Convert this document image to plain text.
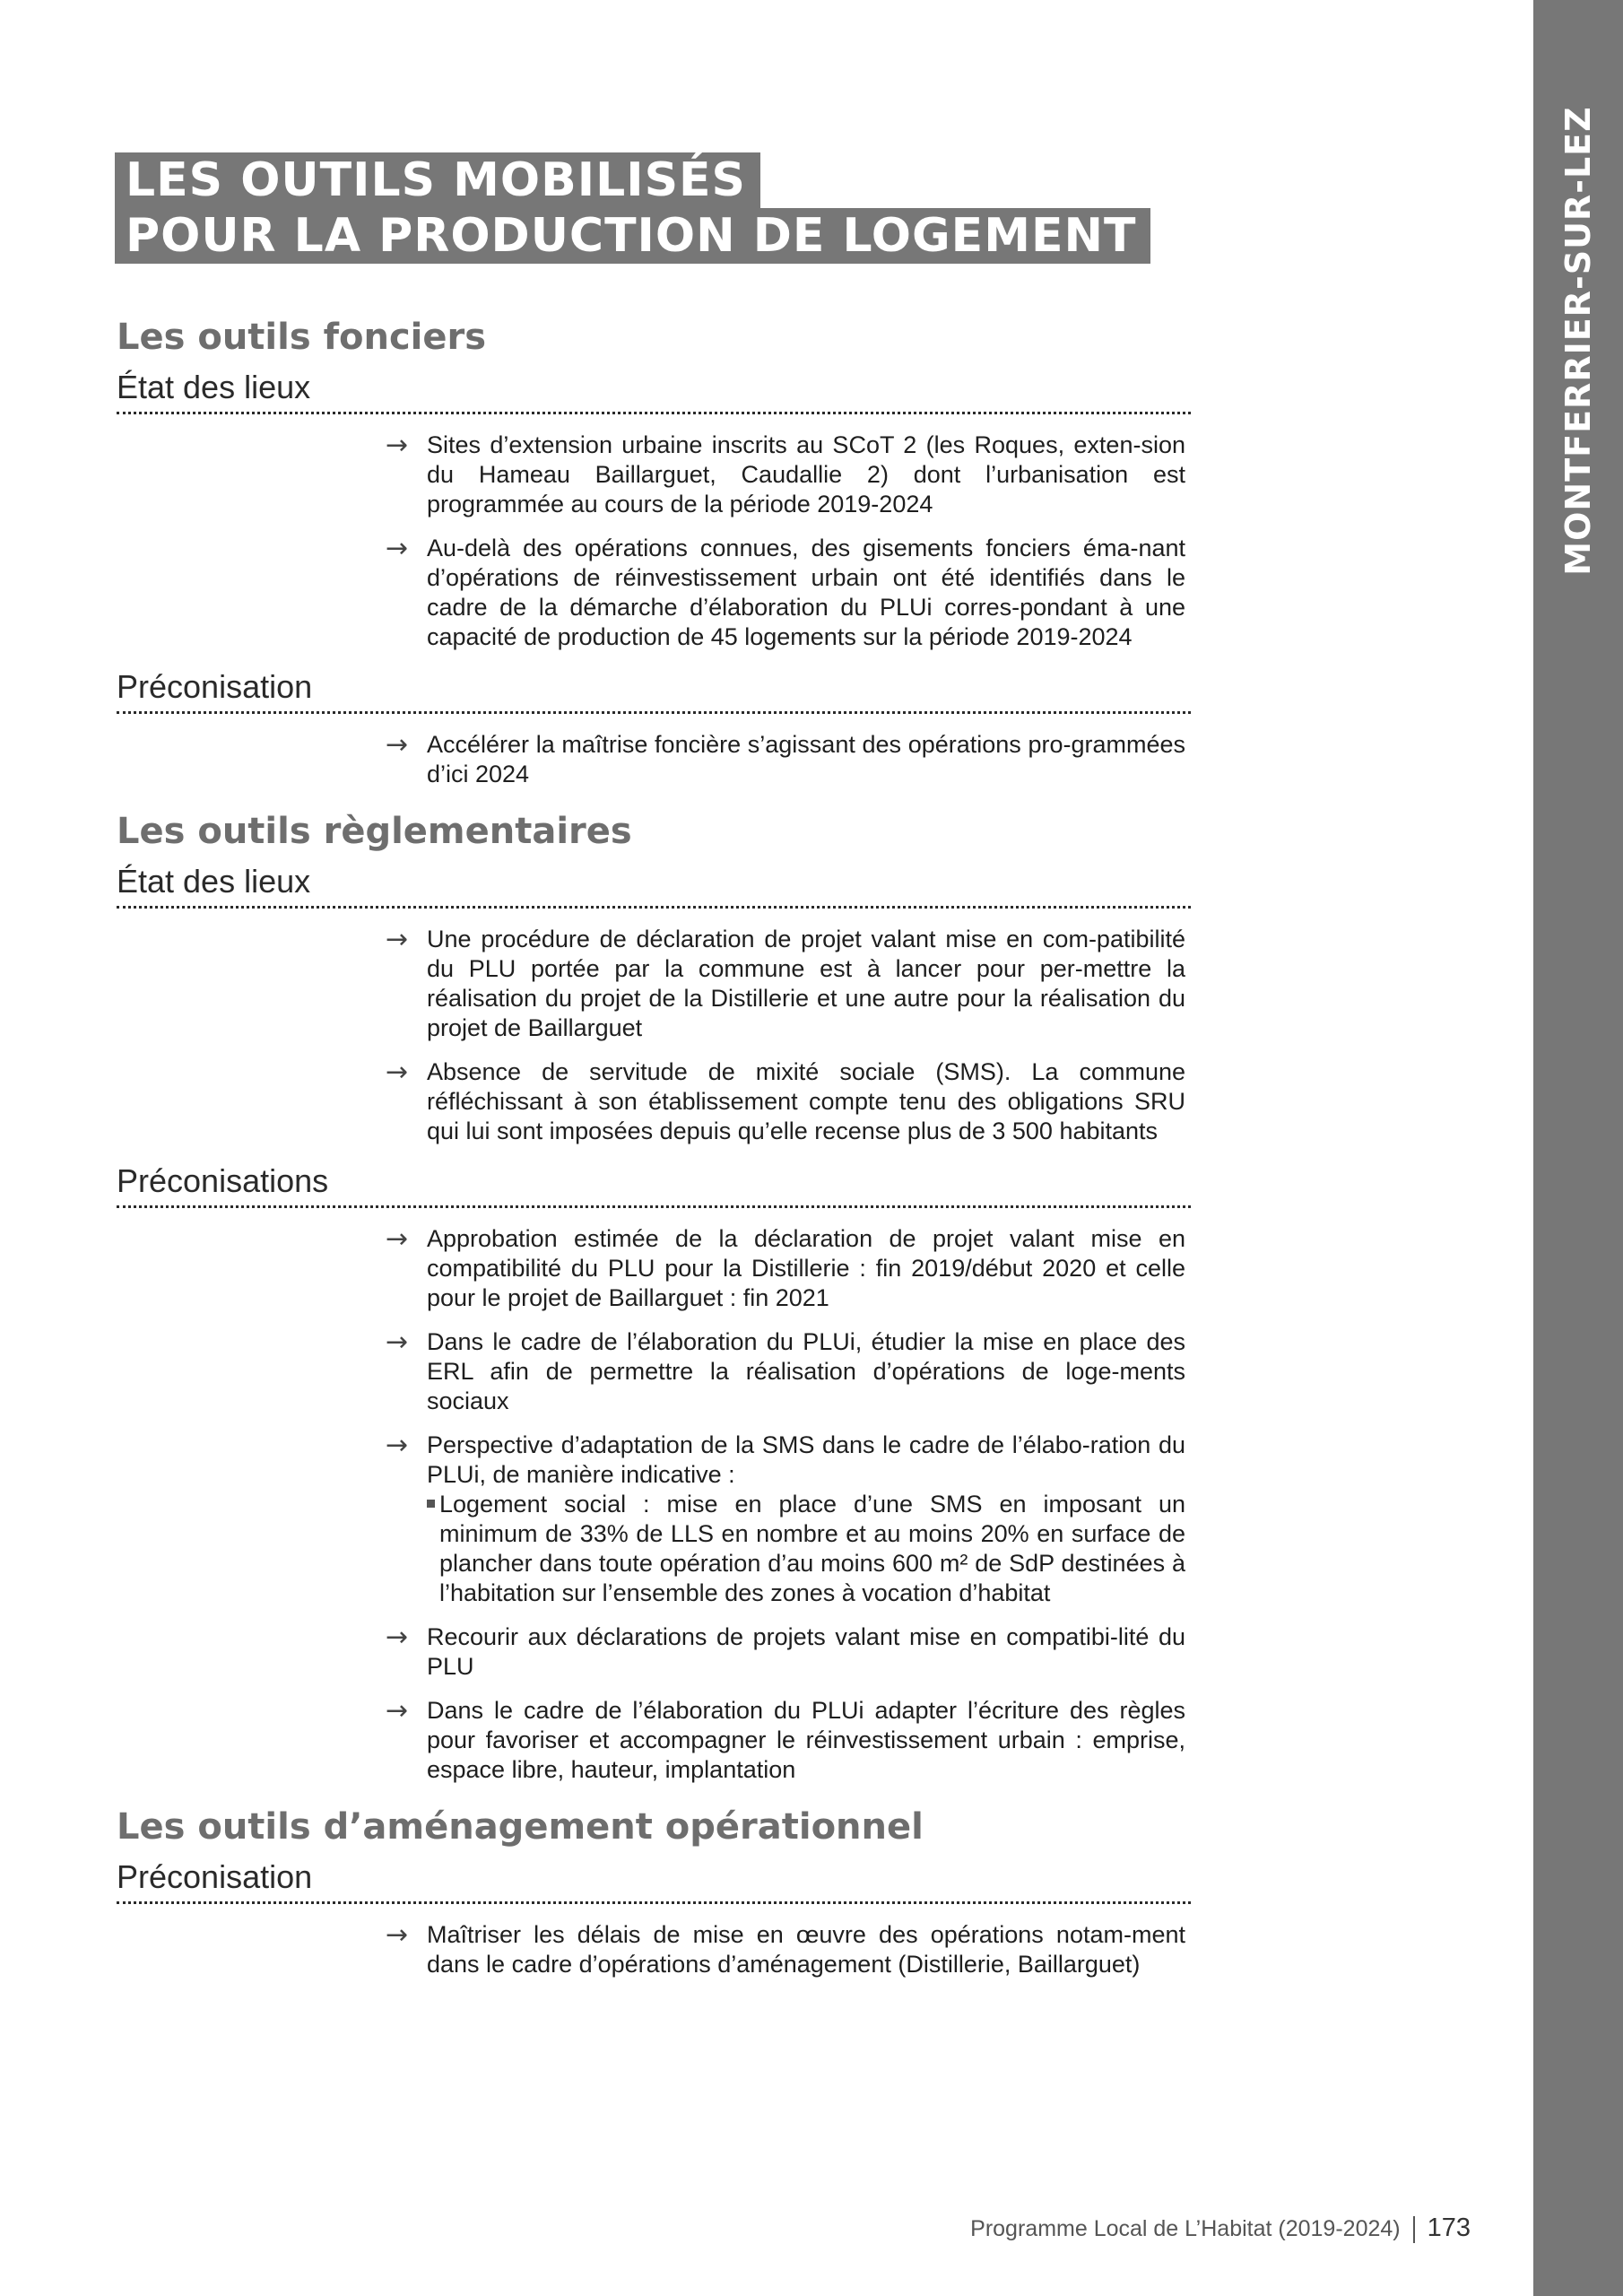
MONTFERRIER-SUR-LEZ
LES OUTILS MOBILISÉS
POUR LA PRODUCTION DE LOGEMENT
Les outils fonciers
État des lieux
→ Sites d’extension urbaine inscrits au SCoT 2 (les Roques, exten-sion du Hameau Baillarguet, Caudallie 2) dont l’urbanisation est programmée au cours de la période 2019-2024
→ Au-delà des opérations connues, des gisements fonciers éma-nant d’opérations de réinvestissement urbain ont été identifiés dans le cadre de la démarche d’élaboration du PLUi corres-pondant à une capacité de production de 45 logements sur la période 2019-2024
Préconisation
→ Accélérer la maîtrise foncière s’agissant des opérations pro-grammées d’ici 2024
Les outils règlementaires
État des lieux
→ Une procédure de déclaration de projet valant mise en com-patibilité du PLU portée par la commune est à lancer pour per-mettre la réalisation du projet de la Distillerie et une autre pour la réalisation du projet de Baillarguet
→ Absence de servitude de mixité sociale (SMS). La commune réfléchissant à son établissement compte tenu des obligations SRU qui lui sont imposées depuis qu’elle recense plus de 3 500 habitants
Préconisations
→ Approbation estimée de la déclaration de projet valant mise en compatibilité du PLU pour la Distillerie : fin 2019/début 2020 et celle pour le projet de Baillarguet : fin 2021
→ Dans le cadre de l’élaboration du PLUi, étudier la mise en place des ERL afin de permettre la réalisation d’opérations de loge-ments sociaux
→ Perspective d’adaptation de la SMS dans le cadre de l’élabo-ration du PLUi, de manière indicative :
Logement social : mise en place d’une SMS en imposant un minimum de 33% de LLS en nombre et au moins 20% en surface de plancher dans toute opération d’au moins 600 m² de SdP destinées à l’habitation sur l’ensemble des zones à vocation d’habitat
→ Recourir aux déclarations de projets valant mise en compatibi-lité du PLU
→ Dans le cadre de l’élaboration du PLUi adapter l’écriture des règles pour favoriser et accompagner le réinvestissement urbain : emprise, espace libre, hauteur, implantation
Les outils d’aménagement opérationnel
Préconisation
→ Maîtriser les délais de mise en œuvre des opérations notam-ment dans le cadre d’opérations d’aménagement (Distillerie, Baillarguet)
Programme Local de L’Habitat (2019-2024) 173
